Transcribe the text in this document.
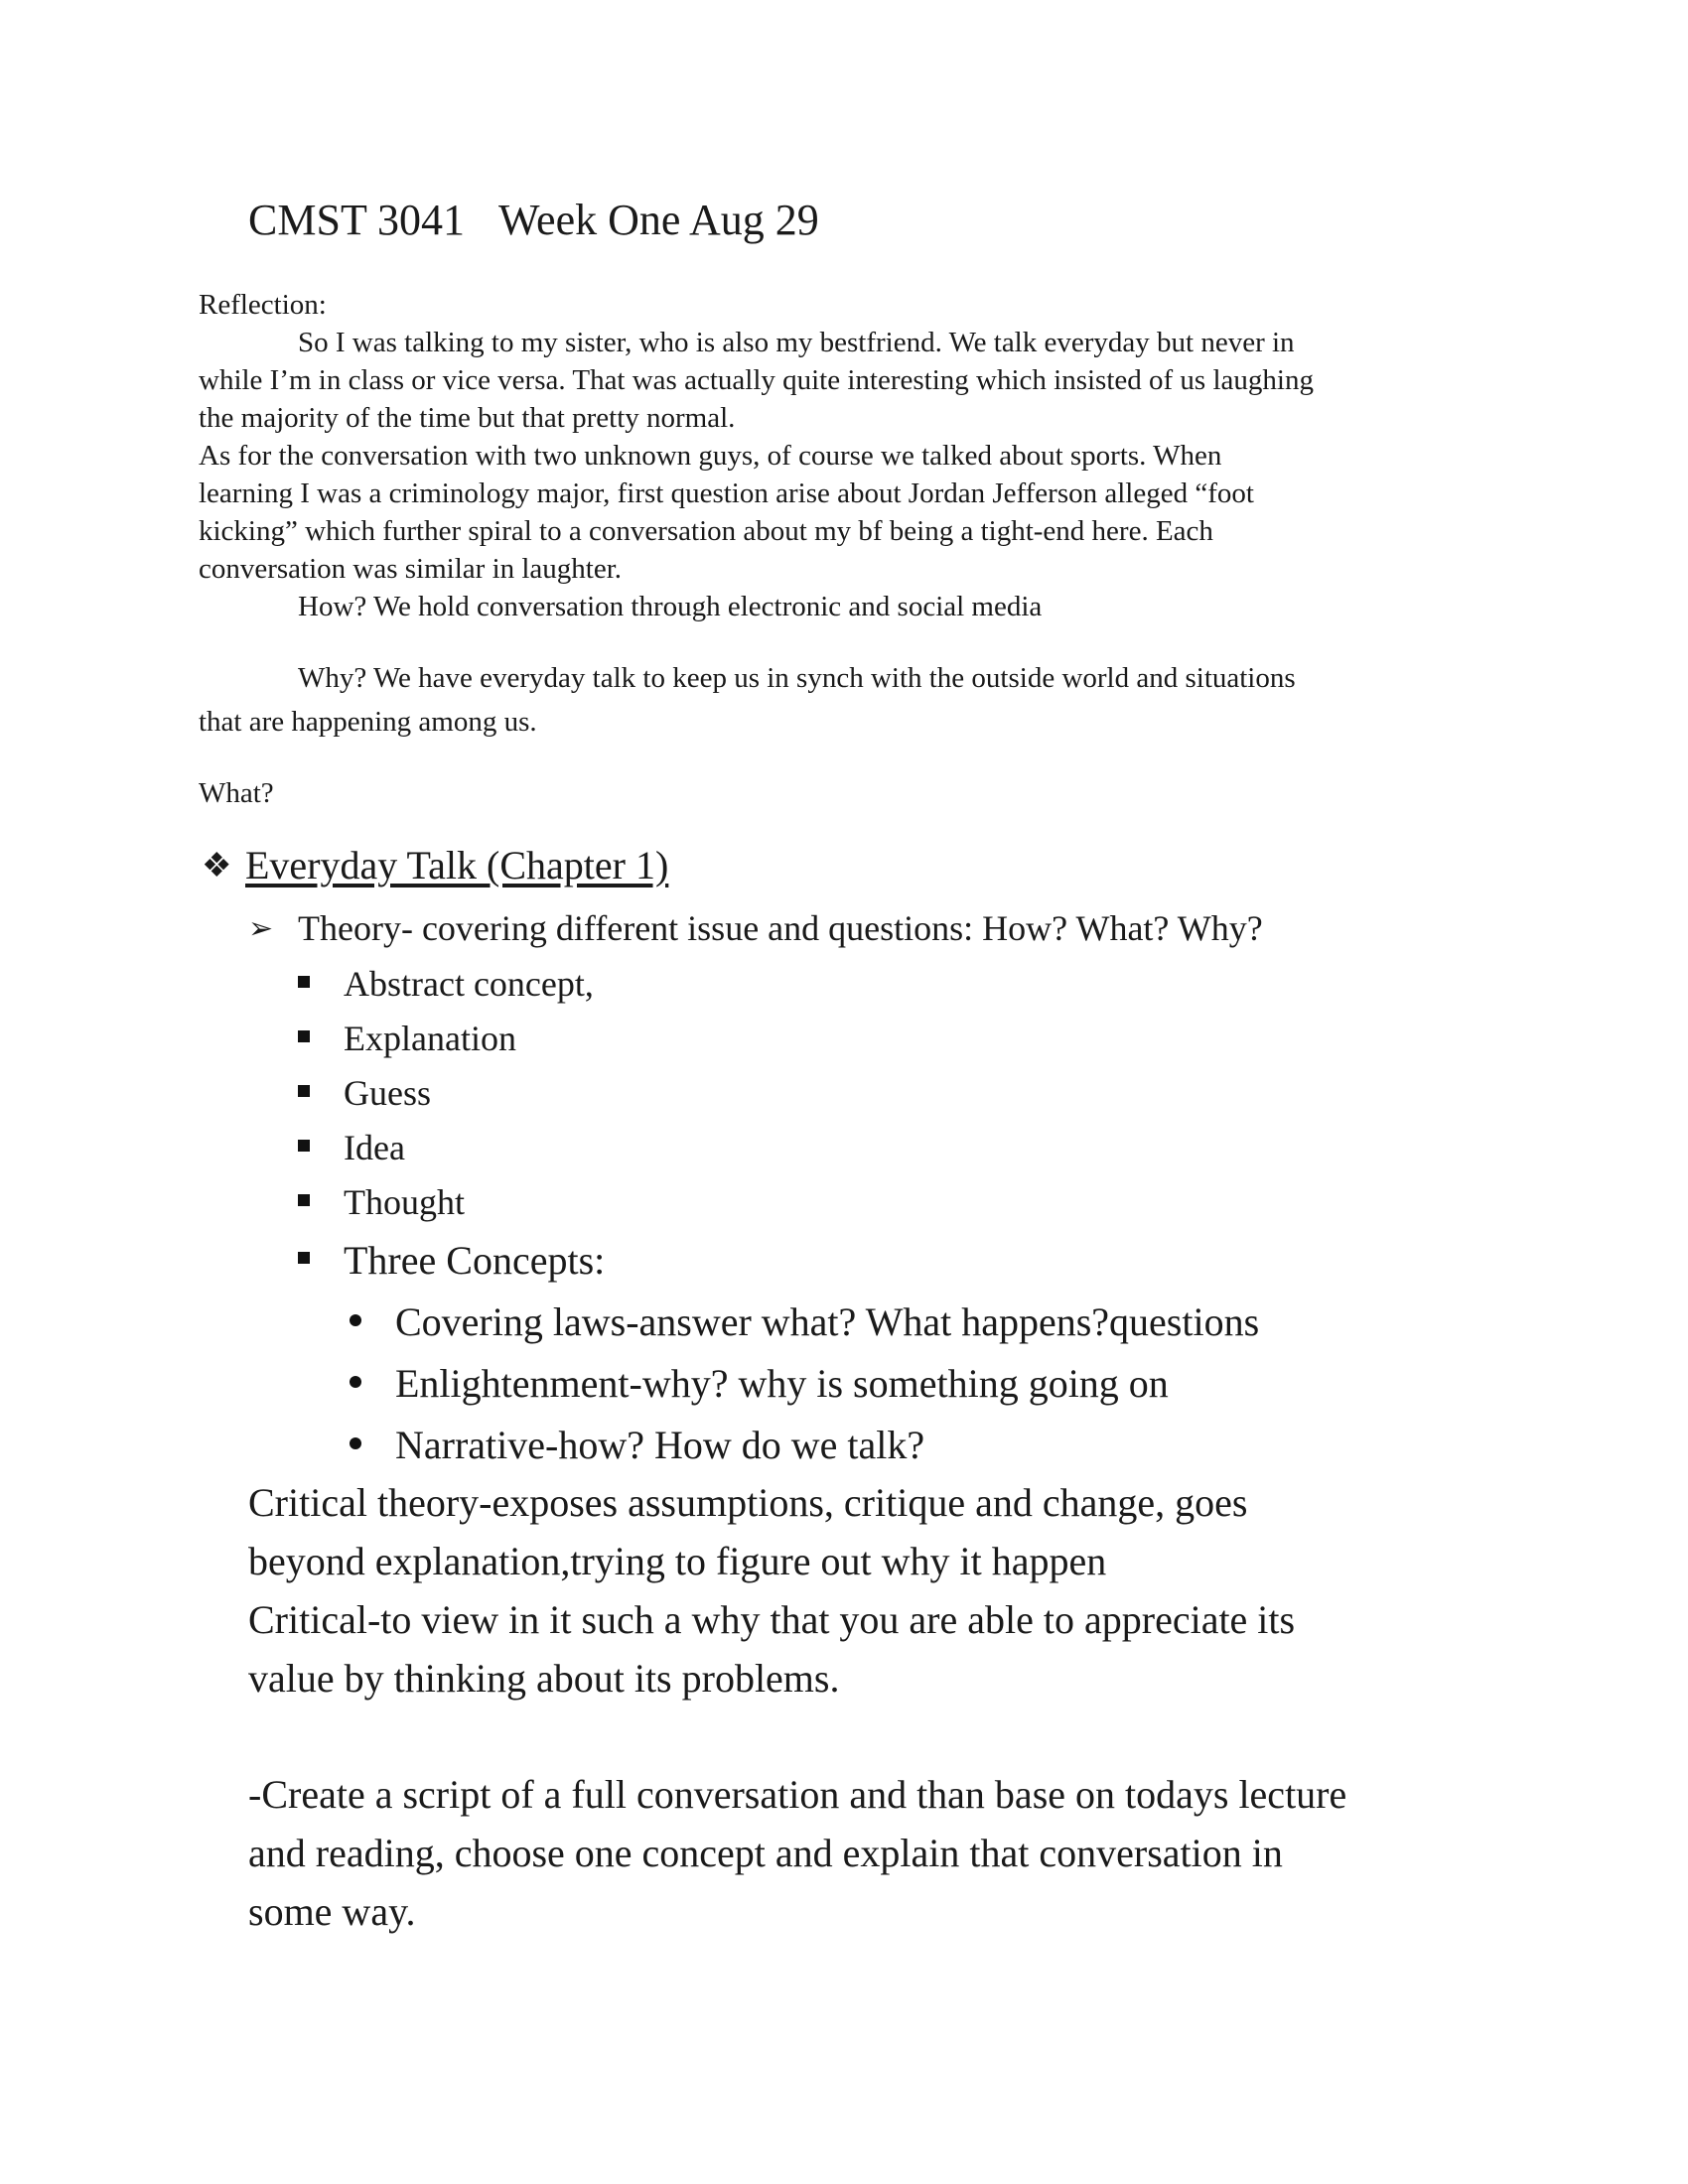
CMST 3041 Week One Aug 29
Reflection:
So I was talking to my sister, who is also my bestfriend. We talk everyday but never in
while I’m in class or vice versa. That was actually quite interesting which insisted of us laughing
the majority of the time but that pretty normal.
As for the conversation with two unknown guys, of course we talked about sports. When
learning I was a criminology major, first question arise about Jordan Jefferson alleged “foot
kicking” which further spiral to a conversation about my bf being a tight-end here. Each
conversation was similar in laughter.
How? We hold conversation through electronic and social media
Why? We have everyday talk to keep us in synch with the outside world and situations
that are happening among us.
What?
❖ Everyday Talk (Chapter 1)
➢ Theory- covering different issue and questions: How? What? Why?
Abstract concept,
Explanation
Guess
Idea
Thought
Three Concepts:
Covering laws-answer what? What happens?questions
Enlightenment-why? why is something going on
Narrative-how? How do we talk?
Critical theory-exposes assumptions, critique and change, goes
beyond explanation,trying to figure out why it happen
Critical-to view in it such a why that you are able to appreciate its
value by thinking about its problems.
-Create a script of a full conversation and than base on todays lecture
and reading, choose one concept and explain that conversation in
some way.
